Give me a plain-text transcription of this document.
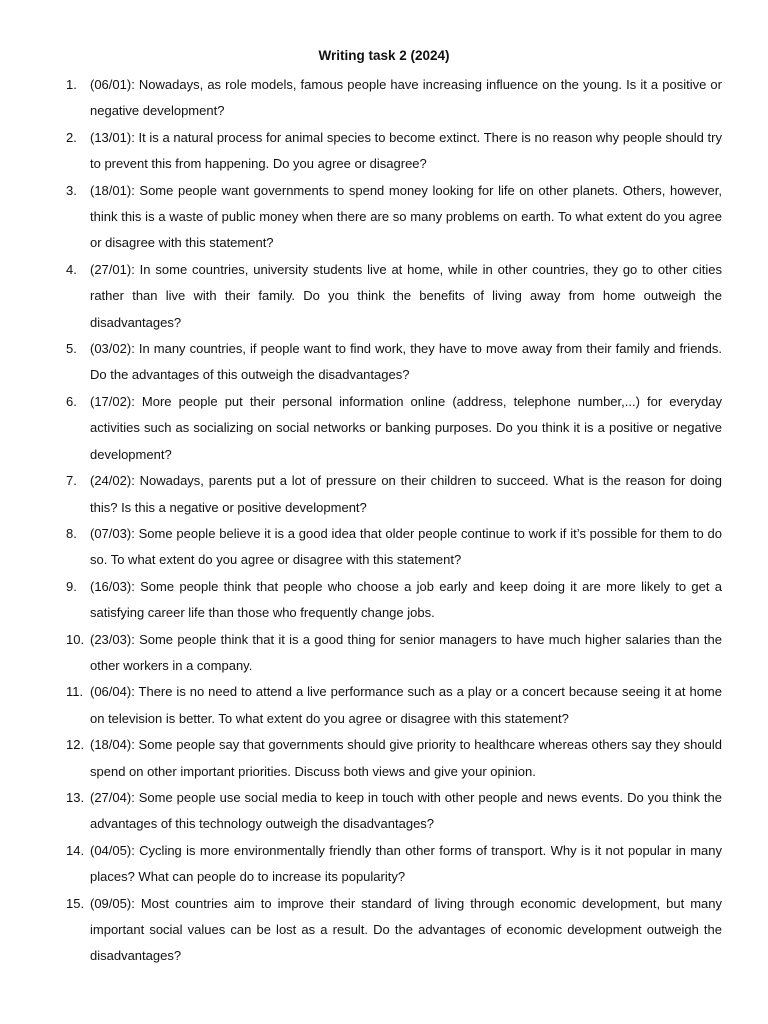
Writing task 2 (2024)
1.	(06/01): Nowadays, as role models, famous people have increasing influence on the young. Is it a positive or negative development?
2.	(13/01): It is a natural process for animal species to become extinct. There is no reason why people should try to prevent this from happening. Do you agree or disagree?
3.	(18/01): Some people want governments to spend money looking for life on other planets. Others, however, think this is a waste of public money when there are so many problems on earth. To what extent do you agree or disagree with this statement?
4.	(27/01): In some countries, university students live at home, while in other countries, they go to other cities rather than live with their family. Do you think the benefits of living away from home outweigh the disadvantages?
5.	(03/02): In many countries, if people want to find work, they have to move away from their family and friends. Do the advantages of this outweigh the disadvantages?
6.	(17/02): More people put their personal information online (address, telephone number,...) for everyday activities such as socializing on social networks or banking purposes. Do you think it is a positive or negative development?
7.	(24/02): Nowadays, parents put a lot of pressure on their children to succeed. What is the reason for doing this? Is this a negative or positive development?
8.	(07/03): Some people believe it is a good idea that older people continue to work if it’s possible for them to do so. To what extent do you agree or disagree with this statement?
9.	(16/03): Some people think that people who choose a job early and keep doing it are more likely to get a satisfying career life than those who frequently change jobs.
10. (23/03): Some people think that it is a good thing for senior managers to have much higher salaries than the other workers in a company.
11. (06/04): There is no need to attend a live performance such as a play or a concert because seeing it at home on television is better. To what extent do you agree or disagree with this statement?
12. (18/04): Some people say that governments should give priority to healthcare whereas others say they should spend on other important priorities. Discuss both views and give your opinion.
13. (27/04): Some people use social media to keep in touch with other people and news events. Do you think the advantages of this technology outweigh the disadvantages?
14. (04/05): Cycling is more environmentally friendly than other forms of transport. Why is it not popular in many places? What can people do to increase its popularity?
15. (09/05): Most countries aim to improve their standard of living through economic development, but many important social values can be lost as a result. Do the advantages of economic development outweigh the disadvantages?
